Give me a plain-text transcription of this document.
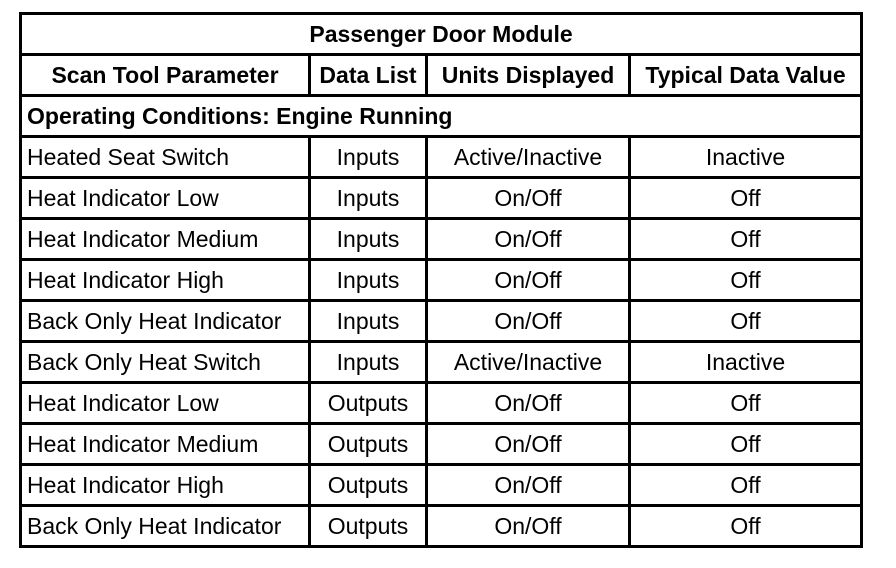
Passenger Door Module			
Scan Tool Parameter	Data List	Units Displayed	Typical Data Value
Operating Conditions: Engine Running			
Heated Seat Switch	Inputs	Active/Inactive	Inactive
Heat Indicator Low	Inputs	On/Off	Off
Heat Indicator Medium	Inputs	On/Off	Off
Heat Indicator High	Inputs	On/Off	Off
Back Only Heat Indicator	Inputs	On/Off	Off
Back Only Heat Switch	Inputs	Active/Inactive	Inactive
Heat Indicator Low	Outputs	On/Off	Off
Heat Indicator Medium	Outputs	On/Off	Off
Heat Indicator High	Outputs	On/Off	Off
Back Only Heat Indicator	Outputs	On/Off	Off
